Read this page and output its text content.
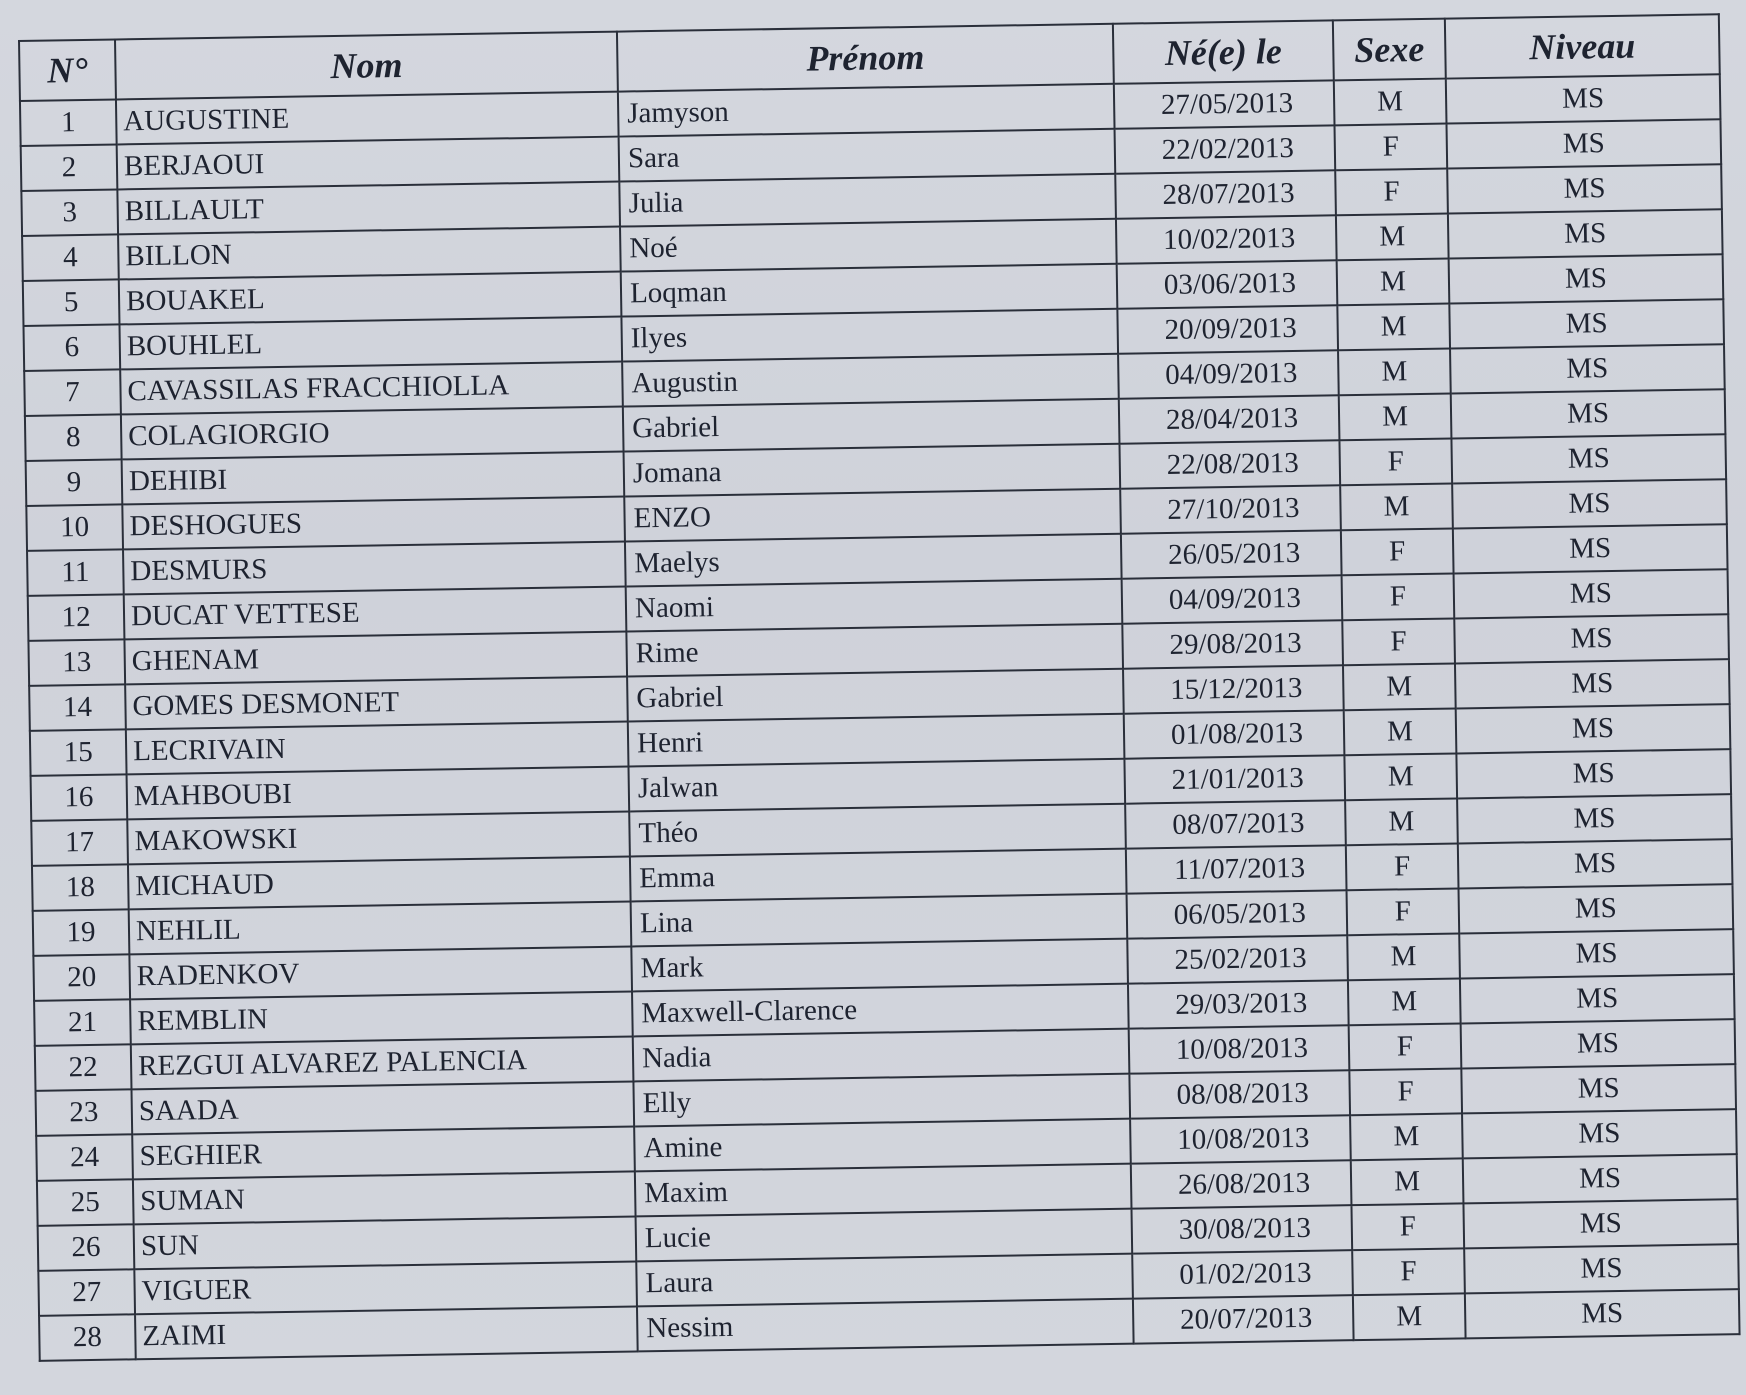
N°	Nom	Prénom	Né(e) le	Sexe	Niveau
1	AUGUSTINE	Jamyson	27/05/2013	M	MS
2	BERJAOUI	Sara	22/02/2013	F	MS
3	BILLAULT	Julia	28/07/2013	F	MS
4	BILLON	Noé	10/02/2013	M	MS
5	BOUAKEL	Loqman	03/06/2013	M	MS
6	BOUHLEL	Ilyes	20/09/2013	M	MS
7	CAVASSILAS FRACCHIOLLA	Augustin	04/09/2013	M	MS
8	COLAGIORGIO	Gabriel	28/04/2013	M	MS
9	DEHIBI	Jomana	22/08/2013	F	MS
10	DESHOGUES	ENZO	27/10/2013	M	MS
11	DESMURS	Maelys	26/05/2013	F	MS
12	DUCAT VETTESE	Naomi	04/09/2013	F	MS
13	GHENAM	Rime	29/08/2013	F	MS
14	GOMES DESMONET	Gabriel	15/12/2013	M	MS
15	LECRIVAIN	Henri	01/08/2013	M	MS
16	MAHBOUBI	Jalwan	21/01/2013	M	MS
17	MAKOWSKI	Théo	08/07/2013	M	MS
18	MICHAUD	Emma	11/07/2013	F	MS
19	NEHLIL	Lina	06/05/2013	F	MS
20	RADENKOV	Mark	25/02/2013	M	MS
21	REMBLIN	Maxwell-Clarence	29/03/2013	M	MS
22	REZGUI ALVAREZ PALENCIA	Nadia	10/08/2013	F	MS
23	SAADA	Elly	08/08/2013	F	MS
24	SEGHIER	Amine	10/08/2013	M	MS
25	SUMAN	Maxim	26/08/2013	M	MS
26	SUN	Lucie	30/08/2013	F	MS
27	VIGUER	Laura	01/02/2013	F	MS
28	ZAIMI	Nessim	20/07/2013	M	MS
